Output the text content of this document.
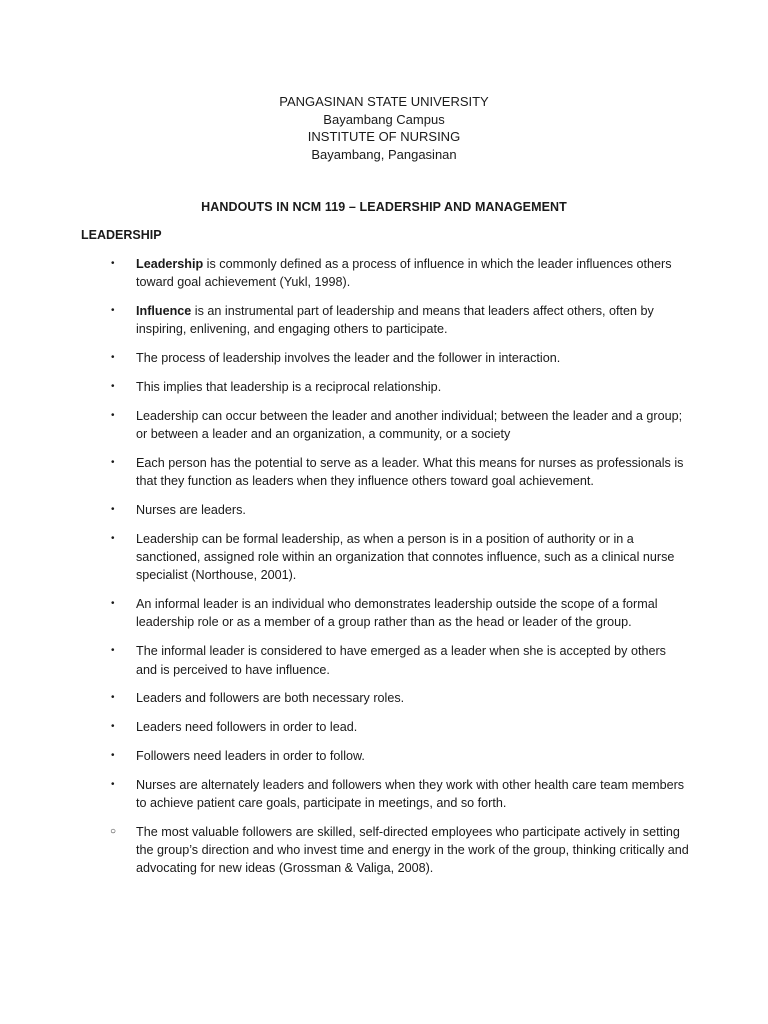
PANGASINAN STATE UNIVERSITY
Bayambang Campus
INSTITUTE OF NURSING
Bayambang, Pangasinan
HANDOUTS IN NCM 119 – LEADERSHIP AND MANAGEMENT
LEADERSHIP
•	Leadership is commonly defined as a process of influence in which the leader influences others toward goal achievement (Yukl, 1998).
•	Influence is an instrumental part of leadership and means that leaders affect others, often by inspiring, enlivening, and engaging others to participate.
•	The process of leadership involves the leader and the follower in interaction.
•	This implies that leadership is a reciprocal relationship.
•	Leadership can occur between the leader and another individual; between the leader and a group; or between a leader and an organization, a community, or a society
•	Each person has the potential to serve as a leader. What this means for nurses as professionals is that they function as leaders when they influence others toward goal achievement.
•	Nurses are leaders.
•	Leadership can be formal leadership, as when a person is in a position of authority or in a sanctioned, assigned role within an organization that connotes influence, such as a clinical nurse specialist (Northouse, 2001).
•	An informal leader is an individual who demonstrates leadership outside the scope of a formal leadership role or as a member of a group rather than as the head or leader of the group.
•	The informal leader is considered to have emerged as a leader when she is accepted by others and is perceived to have influence.
•	Leaders and followers are both necessary roles.
•	Leaders need followers in order to lead.
•	Followers need leaders in order to follow.
•	Nurses are alternately leaders and followers when they work with other health care team members to achieve patient care goals, participate in meetings, and so forth.
○	The most valuable followers are skilled, self-directed employees who participate actively in setting the group’s direction and who invest time and energy in the work of the group, thinking critically and advocating for new ideas (Grossman & Valiga, 2008).
